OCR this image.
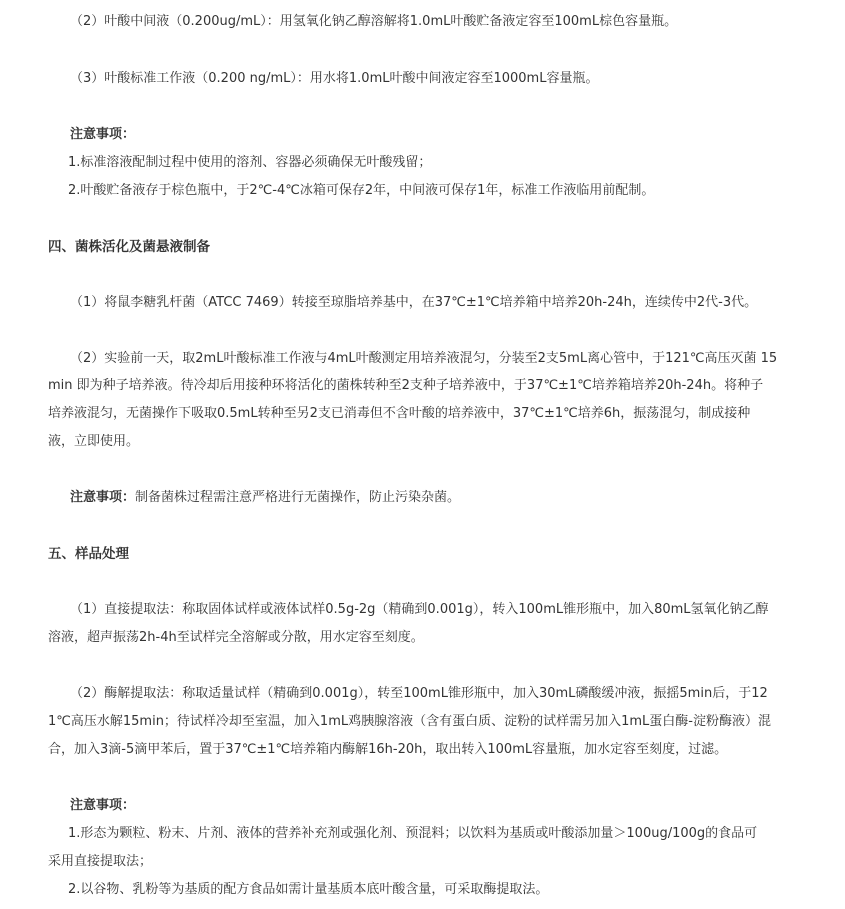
（2）叶酸中间液（0.200ug/mL）：用氢氧化钠乙醇溶解将1.0mL叶酸贮备液定容至100mL棕色容量瓶。
（3）叶酸标准工作液（0.200 ng/mL）：用水将1.0mL叶酸中间液定容至1000mL容量瓶。
注意事项：
1.标准溶液配制过程中使用的溶剂、容器必须确保无叶酸残留；
2.叶酸贮备液存于棕色瓶中，于2℃-4℃冰箱可保存2年，中间液可保存1年，标准工作液临用前配制。
四、菌株活化及菌悬液制备
（1）将鼠李糖乳杆菌（ATCC 7469）转接至琼脂培养基中，在37℃±1℃培养箱中培养20h-24h，连续传中2代-3代。
（2）实验前一天，取2mL叶酸标准工作液与4mL叶酸测定用培养液混匀，分装至2支5mL离心管中，于121℃高压灭菌 15
min 即为种子培养液。待冷却后用接种环将活化的菌株转种至2支种子培养液中，于37℃±1℃培养箱培养20h-24h。将种子
培养液混匀，无菌操作下吸取0.5mL转种至另2支已消毒但不含叶酸的培养液中，37℃±1℃培养6h，振荡混匀，制成接种
液，立即使用。
注意事项：制备菌株过程需注意严格进行无菌操作，防止污染杂菌。
五、样品处理
（1）直接提取法：称取固体试样或液体试样0.5g-2g（精确到0.001g），转入100mL锥形瓶中，加入80mL氢氧化钠乙醇
溶液，超声振荡2h-4h至试样完全溶解或分散，用水定容至刻度。
（2）酶解提取法：称取适量试样（精确到0.001g），转至100mL锥形瓶中，加入30mL磷酸缓冲液，振摇5min后，于12
1℃高压水解15min；待试样冷却至室温，加入1mL鸡胰腺溶液（含有蛋白质、淀粉的试样需另加入1mL蛋白酶-淀粉酶液）混
合，加入3滴-5滴甲苯后，置于37℃±1℃培养箱内酶解16h-20h，取出转入100mL容量瓶，加水定容至刻度，过滤。
注意事项：
1.形态为颗粒、粉末、片剂、液体的营养补充剂或强化剂、预混料；以饮料为基质或叶酸添加量＞100ug/100g的食品可
采用直接提取法；
2.以谷物、乳粉等为基质的配方食品如需计量基质本底叶酸含量，可采取酶提取法。
